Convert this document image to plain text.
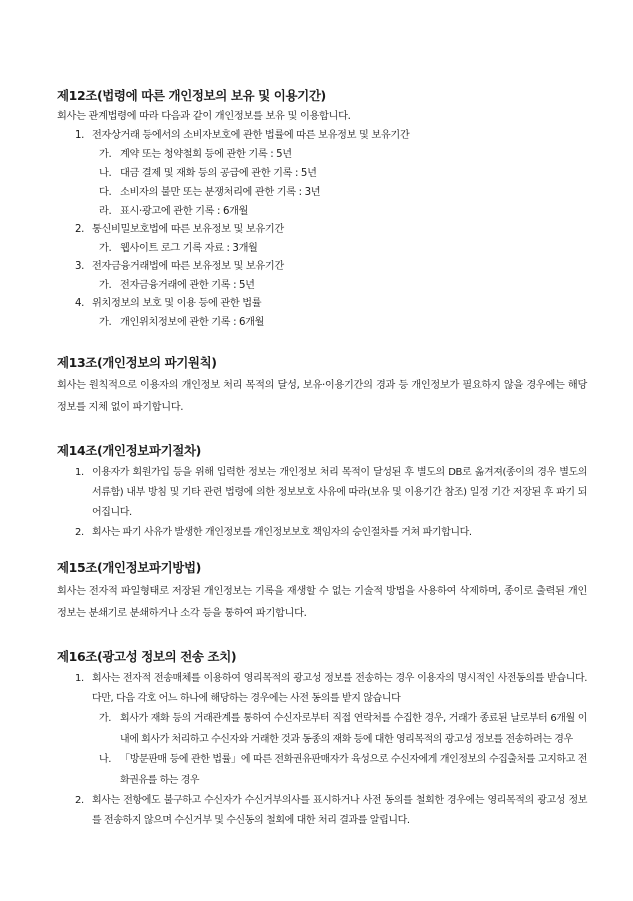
제12조(법령에 따른 개인정보의 보유 및 이용기간)

회사는 관계법령에 따라 다음과 같이 개인정보를 보유 및 이용합니다.

1. 전자상거래 등에서의 소비자보호에 관한 법률에 따른 보유정보 및 보유기간
가. 계약 또는 청약철회 등에 관한 기록 : 5년
나. 대금 결제 및 재화 등의 공급에 관한 기록 : 5년
다. 소비자의 불만 또는 분쟁처리에 관한 기록 : 3년
라. 표시·광고에 관한 기록 : 6개월
2. 통신비밀보호법에 따른 보유정보 및 보유기간
가. 웹사이트 로그 기록 자료 : 3개월
3. 전자금융거래법에 따른 보유정보 및 보유기간
가. 전자금융거래에 관한 기록 : 5년
4. 위치정보의 보호 및 이용 등에 관한 법률
가. 개인위치정보에 관한 기록 : 6개월
제13조(개인정보의 파기원칙)

회사는 원칙적으로 이용자의 개인정보 처리 목적의 달성, 보유·이용기간의 경과 등 개인정보가 필요하지 않을 경우에는 해당 정보를 지체 없이 파기합니다.

제14조(개인정보파기절차)
1. 이용자가 회원가입 등을 위해 입력한 정보는 개인정보 처리 목적이 달성된 후 별도의 DB로 옮겨져(종이의 경우 별도의 서류함) 내부 방침 및 기타 관련 법령에 의한 정보보호 사유에 따라(보유 및 이용기간 참조) 일정 기간 저장된 후 파기 되어집니다.
2. 회사는 파기 사유가 발생한 개인정보를 개인정보보호 책임자의 승인절차를 거쳐 파기합니다.
제15조(개인정보파기방법)

회사는 전자적 파일형태로 저장된 개인정보는 기록을 재생할 수 없는 기술적 방법을 사용하여 삭제하며, 종이로 출력된 개인정보는 분쇄기로 분쇄하거나 소각 등을 통하여 파기합니다.

제16조(광고성 정보의 전송 조치)
1. 회사는 전자적 전송매체를 이용하여 영리목적의 광고성 정보를 전송하는 경우 이용자의 명시적인 사전동의를 받습니다. 다만, 다음 각호 어느 하나에 해당하는 경우에는 사전 동의를 받지 않습니다
가. 회사가 재화 등의 거래관계를 통하여 수신자로부터 직접 연락처를 수집한 경우, 거래가 종료된 날로부터 6개월 이내에 회사가 처리하고 수신자와 거래한 것과 동종의 재화 등에 대한 영리목적의 광고성 정보를 전송하려는 경우
나. 「방문판매 등에 관한 법률」에 따른 전화권유판매자가 육성으로 수신자에게 개인정보의 수집출처를 고지하고 전화권유를 하는 경우
2. 회사는 전항에도 불구하고 수신자가 수신거부의사를 표시하거나 사전 동의를 철회한 경우에는 영리목적의 광고성 정보를 전송하지 않으며 수신거부 및 수신동의 철회에 대한 처리 결과를 알립니다.
